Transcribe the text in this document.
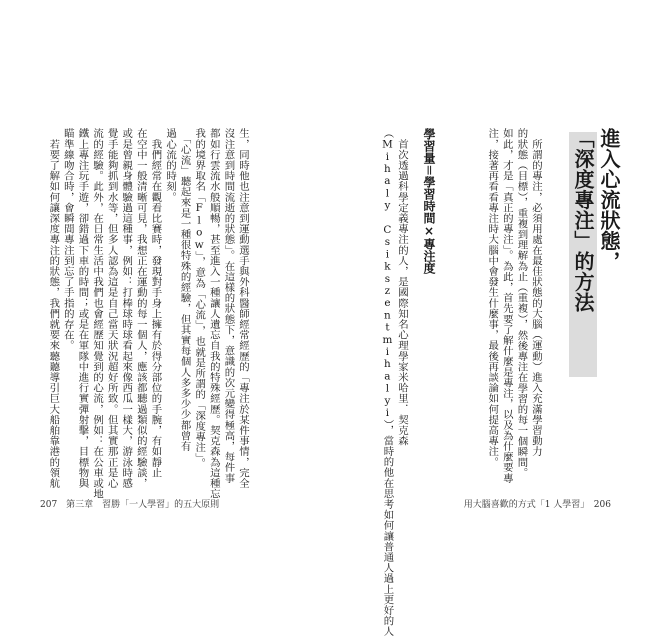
進入心流狀態，
「深度專注」的方法

　所謂的專注，必須用處在最佳狀態的大腦（運動）進入充滿學習動力
的狀態（目標），重複到理解為止（重複），然後專注在學習的每一個瞬間。
如此，才是「真正的專注」。為此，首先要了解什麼是專注，以及為什麼要專
注，接著再看看專注時大腦中會發生什麼事，最後再談論如何提高專注。

學習量＝學習時間×專注度

　首次透過科學定義專注的人，是國際知名心理學家米哈里．契克森
（Mihaly Csikszentmihalyi），當時的他在思考如何讓普通人過上更好的人

生，同時他也注意到運動選手與外科醫師經常經歷的「專注於某件事情，完全
沒注意到時間流逝的狀態」。在這樣的狀態下，意識的次元變得極高，每件事
都如行雲流水般順暢，甚至進入一種讓人遺忘自我的特殊經歷。契克森為這種忘
我的境界取名「Flow」，意為「心流」，也就是所謂的「深度專注」。
　「心流」聽起來是一種很特殊的經驗，但其實每個人多多少少都曾有
過心流的時刻。
　我們經常在觀看比賽時，發現對手身上擁有於得分部位的手腕，有如靜止
在空中一般清晰可見，我想正在運動的每一個人，應該都聽過類似的經驗談，
或是曾親身體驗過這種事，例如：打棒球時球看起來像西瓜一樣大，游泳時感
覺手能夠抓到水等，但多人認為這是自己當天狀況超好所致。但其實那正是心
流的經驗。此外，在日常生活中我們也會經歷知覺到的心流，例如：在公車或地
鐵上專注玩手遊，卻錯過下車的時間；或是在軍隊中進行實彈射擊，目標物與
瞄準線吻合時，會瞬間專注到忘了手指的存在。
　若要了解如何讓深度專注的狀態，我們就要來聽聽導引巨大船舶靠港的領航

207　第三章　習勝「一人學習」的五大原則	用大腦喜歡的方式「1 人學習」　206
